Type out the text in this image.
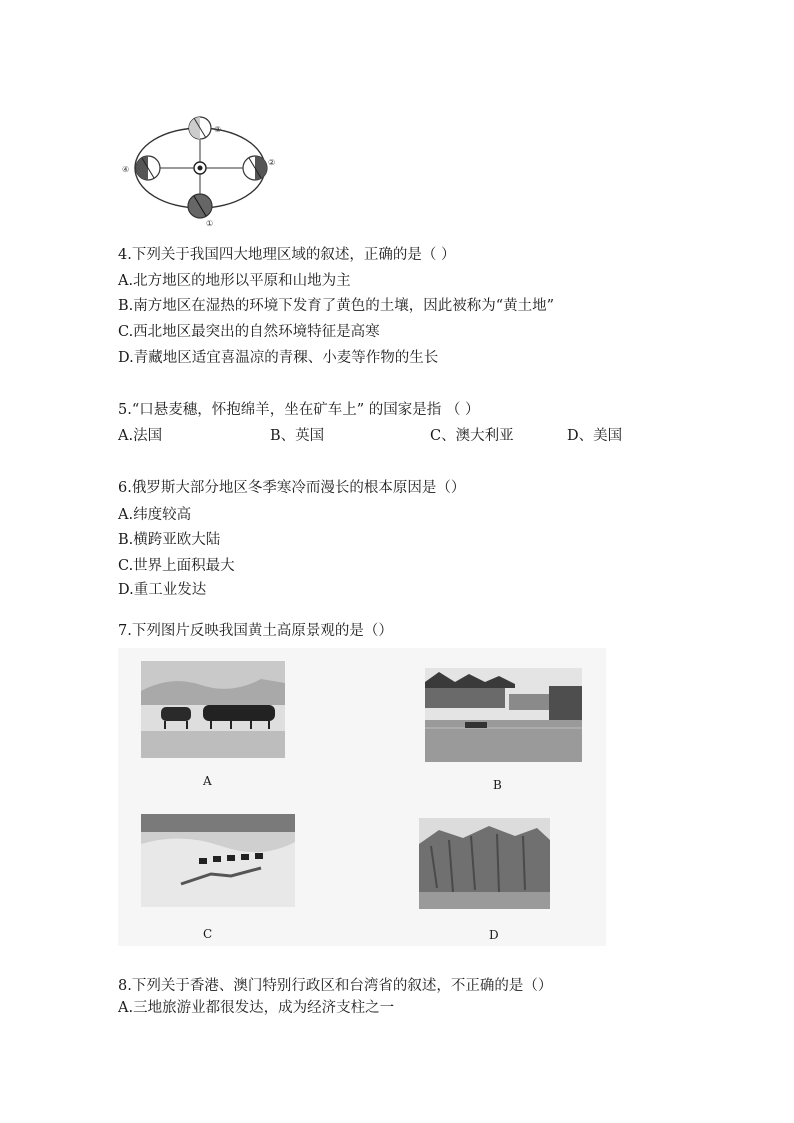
③
④
②
①
4.下列关于我国四大地理区域的叙述，正确的是（ ）
A.北方地区的地形以平原和山地为主
B.南方地区在湿热的环境下发育了黄色的土壤，因此被称为“黄土地”
C.西北地区最突出的自然环境特征是高寒
D.青藏地区适宜喜温凉的青稞、小麦等作物的生长
5.“口悬麦穗，怀抱绵羊，坐在矿车上” 的国家是指 （ ）
A.法国	B、英国	C、澳大利亚	D、美国
6.俄罗斯大部分地区冬季寒冷而漫长的根本原因是（）
A.纬度较高
B.横跨亚欧大陆
C.世界上面积最大
D.重工业发达
7.下列图片反映我国黄土高原景观的是（）
A	B
C	D
8.下列关于香港、澳门特别行政区和台湾省的叙述，不正确的是（）
A.三地旅游业都很发达，成为经济支柱之一
